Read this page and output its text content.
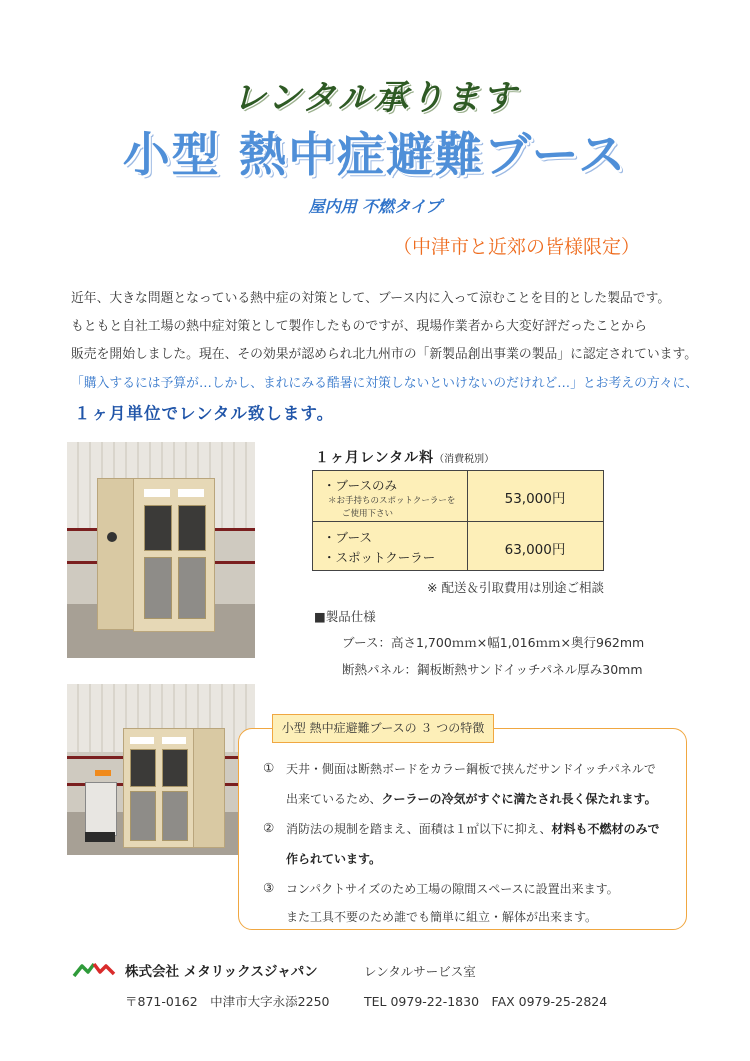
レンタル承ります
小型 熱中症避難ブース
屋内用 不燃タイプ
（中津市と近郊の皆様限定）
近年、大きな問題となっている熱中症の対策として、ブース内に入って涼むことを目的とした製品です。
もともと自社工場の熱中症対策として製作したものですが、現場作業者から大変好評だったことから
販売を開始しました。現在、その効果が認められ北九州市の「新製品創出事業の製品」に認定されています。
「購入するには予算が…しかし、まれにみる酷暑に対策しないといけないのだけれど…」とお考えの方々に、
１ヶ月単位でレンタル致します。
１ヶ月レンタル料（消費税別）
・ブースのみ
＊お手持ちのスポットクーラーを
ご使用下さい
53,000円
・ブース
・スポットクーラー	63,000円
※ 配送＆引取費用は別途ご相談
■製品仕様
ブース：高さ1,700ｍｍ×幅1,016ｍｍ×奥行962mm
断熱パネル：鋼板断熱サンドイッチパネル厚み30mm
小型 熱中症避難ブースの ３ つの特徴
① 天井・側面は断熱ボードをカラー鋼板で挟んだサンドイッチパネルで
出来ているため、クーラーの冷気がすぐに満たされ長く保たれます。
② 消防法の規制を踏まえ、面積は１㎡以下に抑え、材料も不燃材のみで
作られています。
③ コンパクトサイズのため工場の隙間スペースに設置出来ます。
また工具不要のため誰でも簡単に組立・解体が出来ます。
株式会社 メタリックスジャパン	レンタルサービス室
〒871-0162　中津市大字永添2250	TEL 0979-22-1830　FAX 0979-25-2824
